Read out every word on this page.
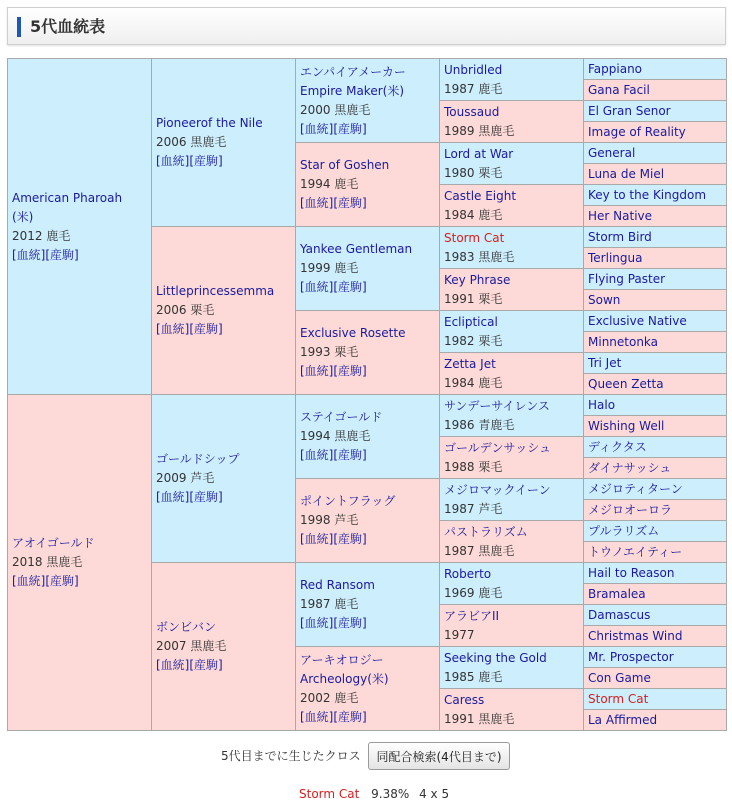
5代血統表
American Pharoah
(米)
2012 鹿毛
[血統][産駒]	Pioneerof the Nile
2006 黒鹿毛
[血統][産駒]	エンパイアメーカー
Empire Maker(米)
2000 黒鹿毛
[血統][産駒]	Unbridled
1987 鹿毛	Fappiano
				Gana Facil
			Toussaud
1989 黒鹿毛	El Gran Senor
				Image of Reality
		Star of Goshen
1994 鹿毛
[血統][産駒]	Lord at War
1980 栗毛	General
				Luna de Miel
			Castle Eight
1984 鹿毛	Key to the Kingdom
				Her Native
	Littleprincessemma
2006 栗毛
[血統][産駒]	Yankee Gentleman
1999 鹿毛
[血統][産駒]	Storm Cat
1983 黒鹿毛	Storm Bird
				Terlingua
			Key Phrase
1991 栗毛	Flying Paster
				Sown
		Exclusive Rosette
1993 栗毛
[血統][産駒]	Ecliptical
1982 栗毛	Exclusive Native
				Minnetonka
			Zetta Jet
1984 鹿毛	Tri Jet
				Queen Zetta
アオイゴールド
2018 黒鹿毛
[血統][産駒]	ゴールドシップ
2009 芦毛
[血統][産駒]	ステイゴールド
1994 黒鹿毛
[血統][産駒]	サンデーサイレンス
1986 青鹿毛	Halo
				Wishing Well
			ゴールデンサッシュ
1988 栗毛	ディクタス
				ダイナサッシュ
		ポイントフラッグ
1998 芦毛
[血統][産駒]	メジロマックイーン
1987 芦毛	メジロティターン
				メジロオーロラ
			パストラリズム
1987 黒鹿毛	プルラリズム
				トウノエイティー
	ボンビバン
2007 黒鹿毛
[血統][産駒]	Red Ransom
1987 鹿毛
[血統][産駒]	Roberto
1969 鹿毛	Hail to Reason
				Bramalea
			アラビアII
1977	Damascus
				Christmas Wind
		アーキオロジー
Archeology(米)
2002 鹿毛
[血統][産駒]	Seeking the Gold
1985 鹿毛	Mr. Prospector
				Con Game
			Caress
1991 黒鹿毛	Storm Cat
				La Affirmed
5代目までに生じたクロス	同配合検索(4代目まで)
Storm Cat 9.38% 4 x 5
